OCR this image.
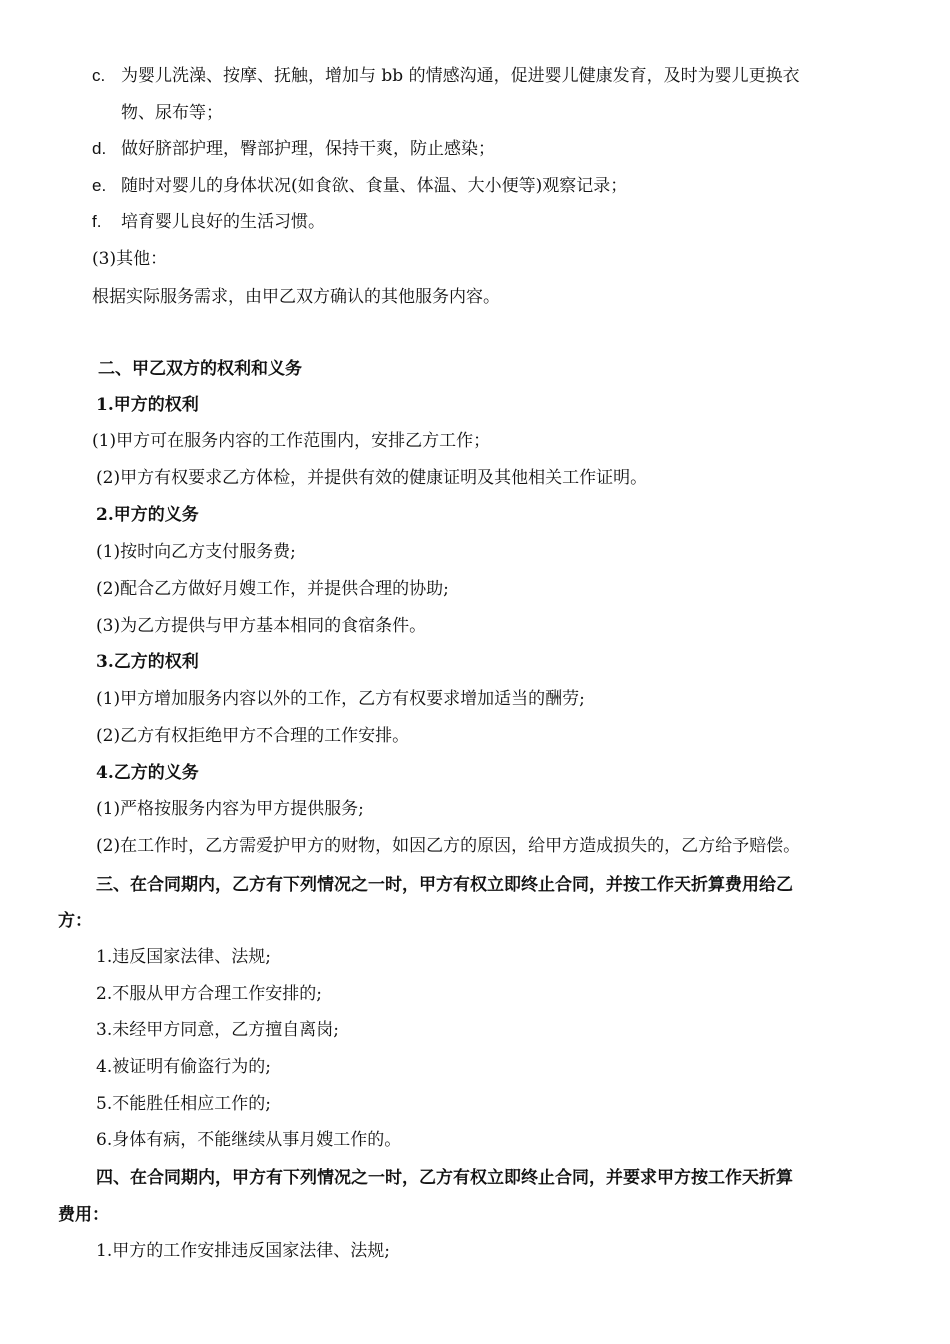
c. 为婴儿洗澡、按摩、抚触，增加与 bb 的情感沟通，促进婴儿健康发育，及时为婴儿更换衣
物、尿布等；
d. 做好脐部护理，臀部护理，保持干爽，防止感染；
e. 随时对婴儿的身体状况(如食欲、食量、体温、大小便等)观察记录；
f. 培育婴儿良好的生活习惯。
(3)其他：
根据实际服务需求，由甲乙双方确认的其他服务内容。
二、甲乙双方的权利和义务
1.甲方的权利
(1)甲方可在服务内容的工作范围内，安排乙方工作；
(2)甲方有权要求乙方体检，并提供有效的健康证明及其他相关工作证明。
2.甲方的义务
(1)按时向乙方支付服务费;
(2)配合乙方做好月嫂工作，并提供合理的协助;
(3)为乙方提供与甲方基本相同的食宿条件。
3.乙方的权利
(1)甲方增加服务内容以外的工作，乙方有权要求增加适当的酬劳;
(2)乙方有权拒绝甲方不合理的工作安排。
4.乙方的义务
(1)严格按服务内容为甲方提供服务;
(2)在工作时，乙方需爱护甲方的财物，如因乙方的原因，给甲方造成损失的，乙方给予赔偿。
三、在合同期内，乙方有下列情况之一时，甲方有权立即终止合同，并按工作天折算费用给乙
方：
1.违反国家法律、法规;
2.不服从甲方合理工作安排的;
3.未经甲方同意，乙方擅自离岗;
4.被证明有偷盗行为的;
5.不能胜任相应工作的;
6.身体有病，不能继续从事月嫂工作的。
四、在合同期内，甲方有下列情况之一时，乙方有权立即终止合同，并要求甲方按工作天折算
费用：
1.甲方的工作安排违反国家法律、法规;
